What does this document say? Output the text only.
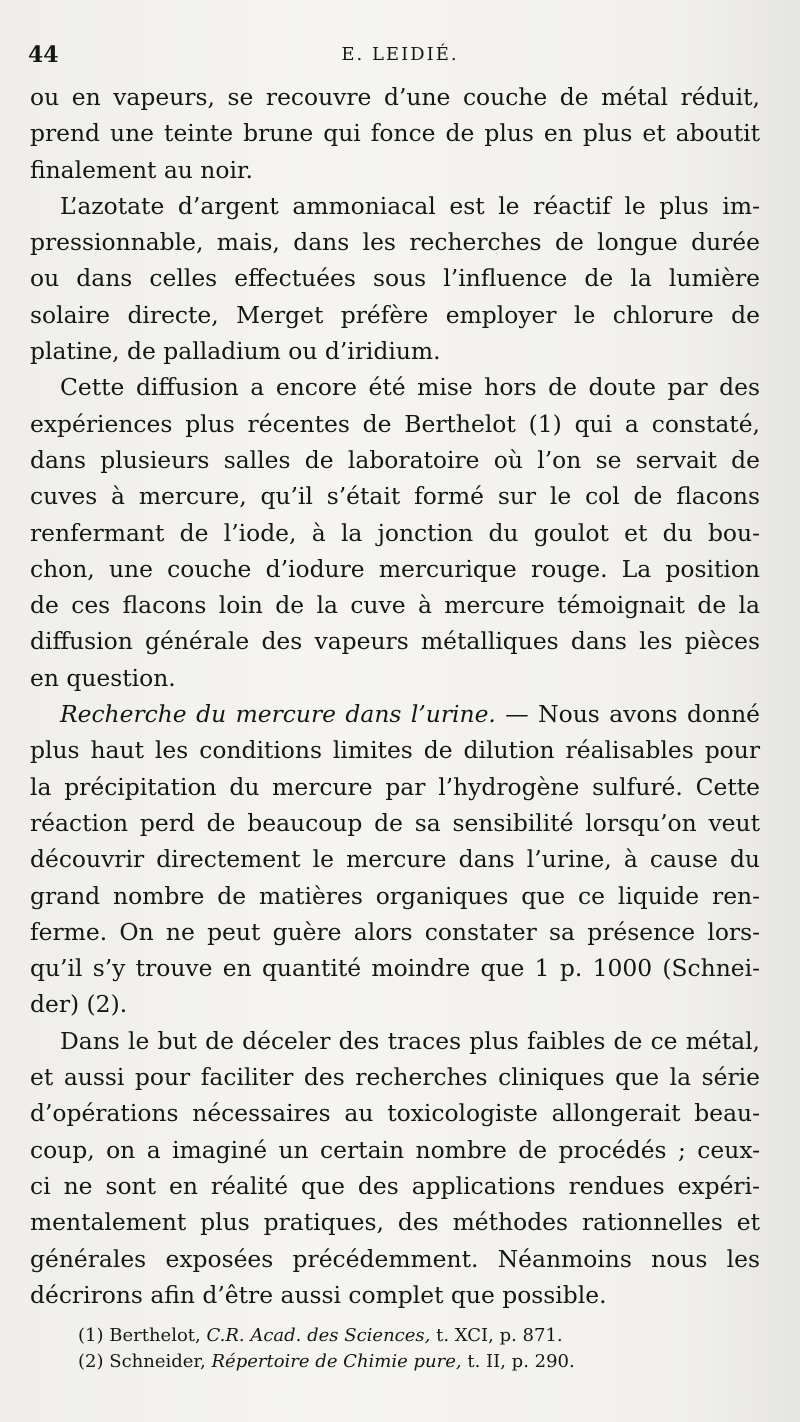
44	E. LEIDIÉ.
ou en vapeurs, se recouvre d’une couche de métal réduit,
prend une teinte brune qui fonce de plus en plus et aboutit
finalement au noir.
L’azotate d’argent ammoniacal est le réactif le plus im-
pressionnable, mais, dans les recherches de longue durée
ou dans celles effectuées sous l’influence de la lumière
solaire directe, Merget préfère employer le chlorure de
platine, de palladium ou d’iridium.
Cette diffusion a encore été mise hors de doute par des
expériences plus récentes de Berthelot (1) qui a constaté,
dans plusieurs salles de laboratoire où l’on se servait de
cuves à mercure, qu’il s’était formé sur le col de flacons
renfermant de l’iode, à la jonction du goulot et du bou-
chon, une couche d’iodure mercurique rouge. La position
de ces flacons loin de la cuve à mercure témoignait de la
diffusion générale des vapeurs métalliques dans les pièces
en question.
Recherche du mercure dans l’urine. — Nous avons donné
plus haut les conditions limites de dilution réalisables pour
la précipitation du mercure par l’hydrogène sulfuré. Cette
réaction perd de beaucoup de sa sensibilité lorsqu’on veut
découvrir directement le mercure dans l’urine, à cause du
grand nombre de matières organiques que ce liquide ren-
ferme. On ne peut guère alors constater sa présence lors-
qu’il s’y trouve en quantité moindre que 1 p. 1000 (Schnei-
der) (2).
Dans le but de déceler des traces plus faibles de ce métal,
et aussi pour faciliter des recherches cliniques que la série
d’opérations nécessaires au toxicologiste allongerait beau-
coup, on a imaginé un certain nombre de procédés ; ceux-
ci ne sont en réalité que des applications rendues expéri-
mentalement plus pratiques, des méthodes rationnelles et
générales exposées précédemment. Néanmoins nous les
décrirons afin d’être aussi complet que possible.
(1) Berthelot, C.R. Acad. des Sciences, t. XCI, p. 871.
(2) Schneider, Répertoire de Chimie pure, t. II, p. 290.
